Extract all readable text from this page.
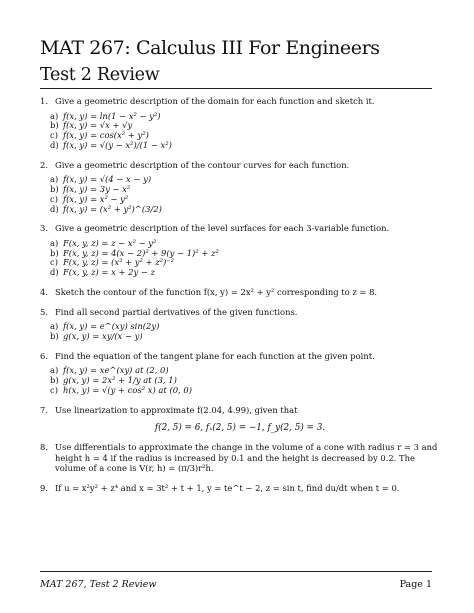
MAT 267: Calculus III For Engineers
Test 2 Review

1. Give a geometric description of the domain for each function and sketch it.

a) f(x, y) = ln(1 − x² − y²)
b) f(x, y) = √x + √y
c) f(x, y) = cos(x² + y²)
d) f(x, y) = √(y − x²)/(1 − x²)

2. Give a geometric description of the contour curves for each function.

a) f(x, y) = √(4 − x − y)
b) f(x, y) = 3y − x²
c) f(x, y) = x² − y²
d) f(x, y) = (x² + y²)^(3/2)

3. Give a geometric description of the level surfaces for each 3-variable function.

a) F(x, y, z) = z − x² − y²
b) F(x, y, z) = 4(x − 2)² + 9(y − 1)² + z²
c) F(x, y, z) = (x² + y² + z²)⁻²
d) F(x, y, z) = x + 2y − z

4. Sketch the contour of the function f(x, y) = 2x² + y² corresponding to z = 8.

5. Find all second partial derivatives of the given functions.

a) f(x, y) = e^(xy) sin(2y)
b) g(x, y) = xy/(x − y)

6. Find the equation of the tangent plane for each function at the given point.

a) f(x, y) = xe^(xy) at (2, 0)
b) g(x, y) = 2x² + 1/y at (3, 1)
c) h(x, y) = √(y + cos² x) at (0, 0)

7. Use linearization to approximate f(2.04, 4.99), given that

f(2, 5) = 6, fₓ(2, 5) = −1, f_y(2, 5) = 3.

8. Use differentials to approximate the change in the volume of a cone with radius r = 3 and height h = 4 if the radius is increased by 0.1 and the height is decreased by 0.2. The volume of a cone is V(r, h) = (π/3)r²h.

9. If u = x²y² + z⁴ and x = 3t² + t + 1, y = te^t − 2, z = sin t, find du/dt when t = 0.

MAT 267, Test 2 Review	Page 1
